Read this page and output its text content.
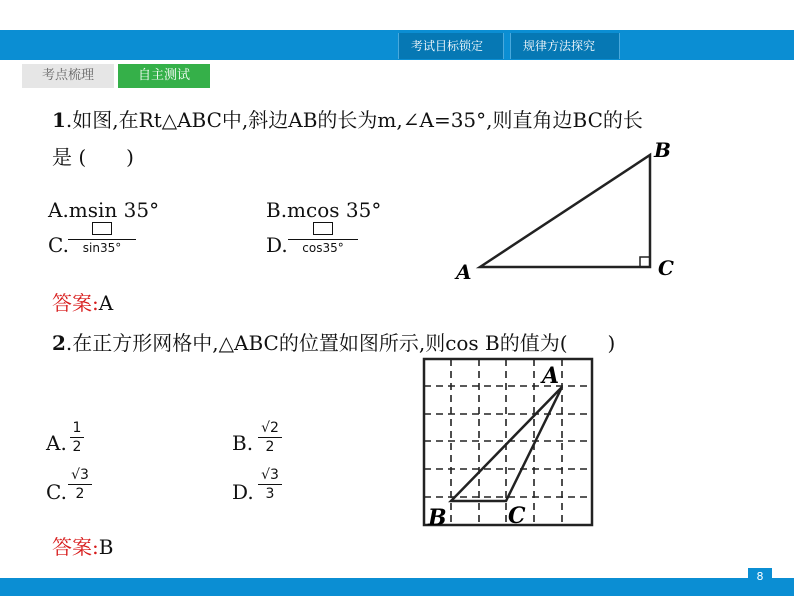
考试目标锁定	规律方法探究
考点梳理	自主测试
1.如图,在Rt△ABC中,斜边AB的长为m,∠A=35°,则直角边BC的长
是 (　　)
A.msin 35°	B.mcos 35°
C.	sin35°	D.	cos35°
答案:A
A
B
C
2.在正方形网格中,△ABC的位置如图所示,则cos B的值为(　　)
A. $\frac{1}{2}$	B. $\frac{√2}{2}$
C. $\frac{√3}{2}$	D. $\frac{√3}{3}$
答案:B
A
B	C
8
